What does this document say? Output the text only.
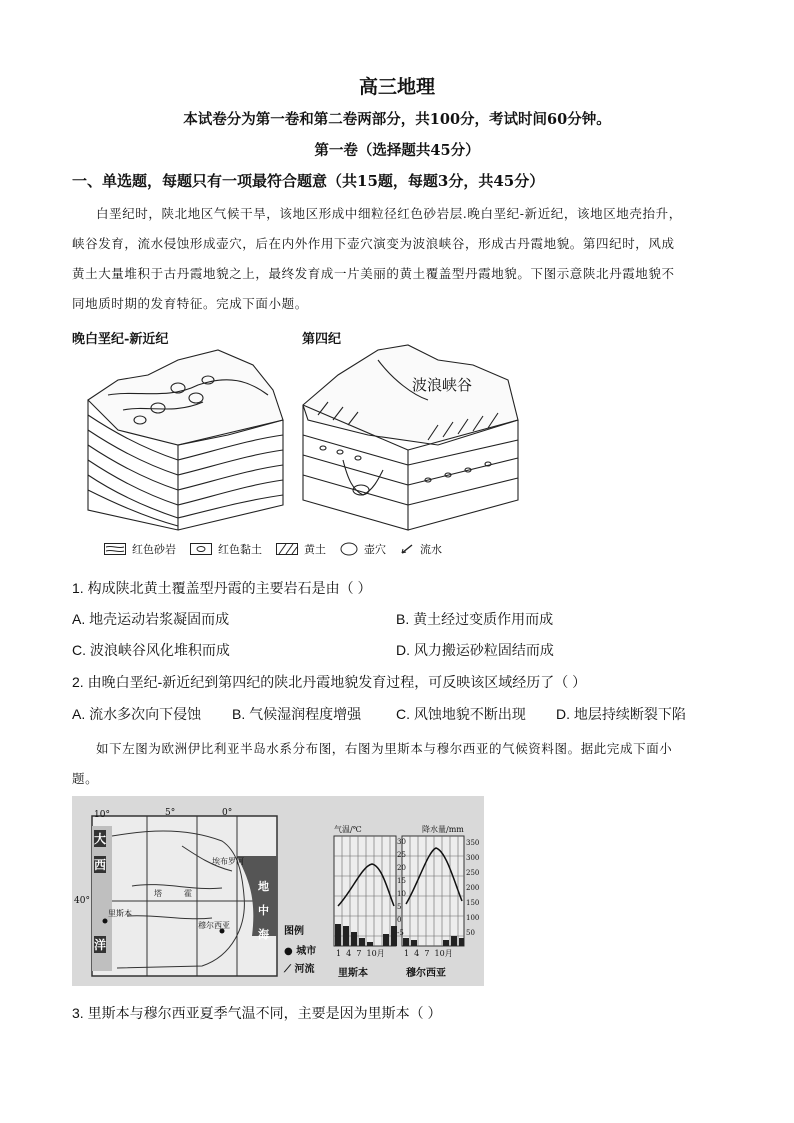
高三地理
本试卷分为第一卷和第二卷两部分，共100分，考试时间60分钟。
第一卷（选择题共45分）
一、单选题，每题只有一项最符合题意（共15题，每题3分，共45分）
白垩纪时，陕北地区气候干旱，该地区形成中细粒径红色砂岩层.晚白垩纪-新近纪，该地区地壳抬升，
峡谷发育，流水侵蚀形成壶穴，后在内外作用下壶穴演变为波浪峡谷，形成古丹霞地貌。第四纪时，风成
黄土大量堆积于古丹霞地貌之上，最终发育成一片美丽的黄土覆盖型丹霞地貌。下图示意陕北丹霞地貌不
同地质时期的发育特征。完成下面小题。
晚白垩纪-新近纪	第四纪
波浪峡谷
红色砂岩	红色黏土	黄土	壶穴	流水
1. 构成陕北黄土覆盖型丹霞的主要岩石是由（ ）
A. 地壳运动岩浆凝固而成	B. 黄土经过变质作用而成
C. 波浪峡谷风化堆积而成	D. 风力搬运砂粒固结而成
2. 由晚白垩纪-新近纪到第四纪的陕北丹霞地貌发育过程，可反映该区域经历了（ ）
A. 流水多次向下侵蚀 B. 气候湿润程度增强 C. 风蚀地貌不断出现 D. 地层持续断裂下陷
如下左图为欧洲伊比利亚半岛水系分布图，右图为里斯本与穆尔西亚的气候资料图。据此完成下面小
题。
10°	5°	0°
40°
大
西
洋
地
中
海
里斯本
穆尔西亚
埃布罗河
塔	霍
图例
● 城市
⟋ 河流
气温/℃	降水量/mm
30
25
20
15
10
5
0
-5
350
300
250
200
150
100
50
1  4  7  10月 1  4  7  10月
里斯本	穆尔西亚
3. 里斯本与穆尔西亚夏季气温不同，主要是因为里斯本（ ）
